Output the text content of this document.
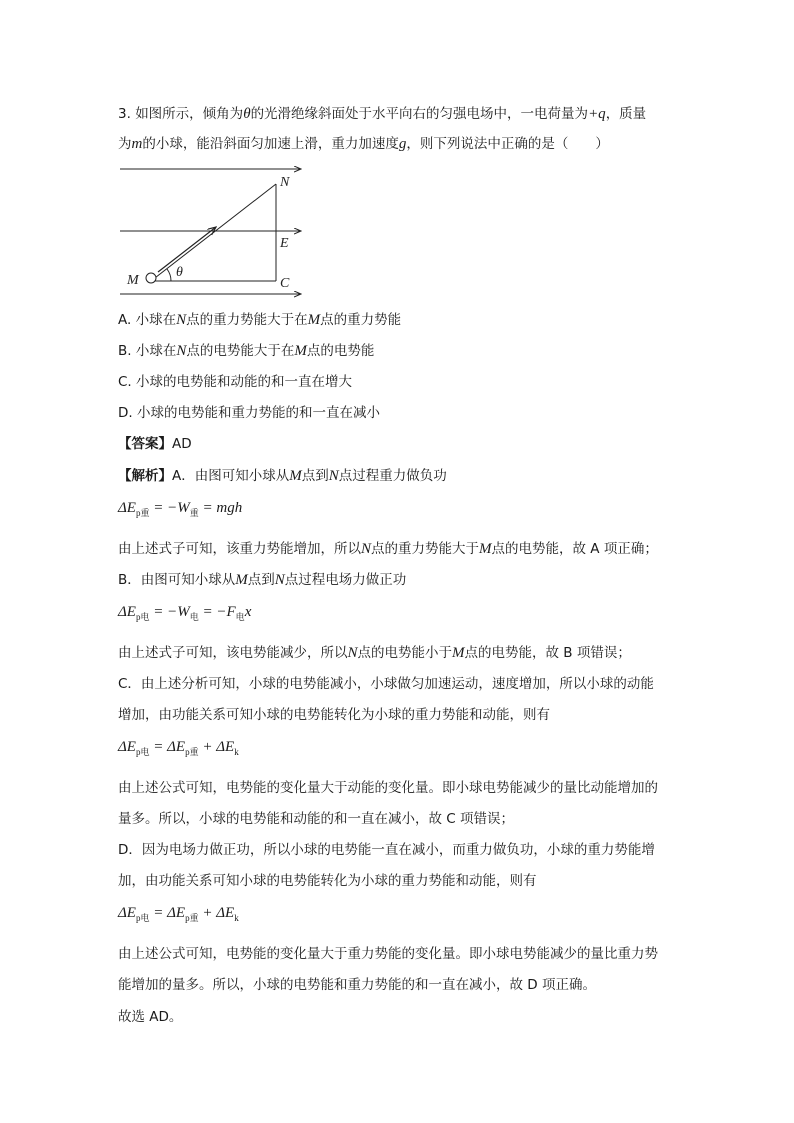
3. 如图所示，倾角为θ的光滑绝缘斜面处于水平向右的匀强电场中，一电荷量为+q，质量
为m的小球，能沿斜面匀加速上滑，重力加速度g，则下列说法中正确的是（　　）
N
E
C
M
θ
A. 小球在N点的重力势能大于在M点的重力势能
B. 小球在N点的电势能大于在M点的电势能
C. 小球的电势能和动能的和一直在增大
D. 小球的电势能和重力势能的和一直在减小
【答案】AD
【解析】A．由图可知小球从M点到N点过程重力做负功
$\Delta E_{p重} = -W_重$ = mgh
由上述式子可知，该重力势能增加，所以N点的重力势能大于M点的电势能，故 A 项正确；
B．由图可知小球从M点到N点过程电场力做正功
$\Delta E_{p电} = -W_电 = -F_电x$
由上述式子可知，该电势能减少，所以N点的电势能小于M点的电势能，故 B 项错误；
C．由上述分析可知，小球的电势能减小，小球做匀加速运动，速度增加，所以小球的动能
增加，由功能关系可知小球的电势能转化为小球的重力势能和动能，则有
$\Delta E_{p电} = \Delta E_{p重} + \Delta E_k$
由上述公式可知，电势能的变化量大于动能的变化量。即小球电势能减少的量比动能增加的
量多。所以，小球的电势能和动能的和一直在减小，故 C 项错误；
D．因为电场力做正功，所以小球的电势能一直在减小，而重力做负功，小球的重力势能增
加，由功能关系可知小球的电势能转化为小球的重力势能和动能，则有
$\Delta E_{p电} = \Delta E_{p重} + \Delta E_k$
由上述公式可知，电势能的变化量大于重力势能的变化量。即小球电势能减少的量比重力势
能增加的量多。所以，小球的电势能和重力势能的和一直在减小，故 D 项正确。
故选 AD。
